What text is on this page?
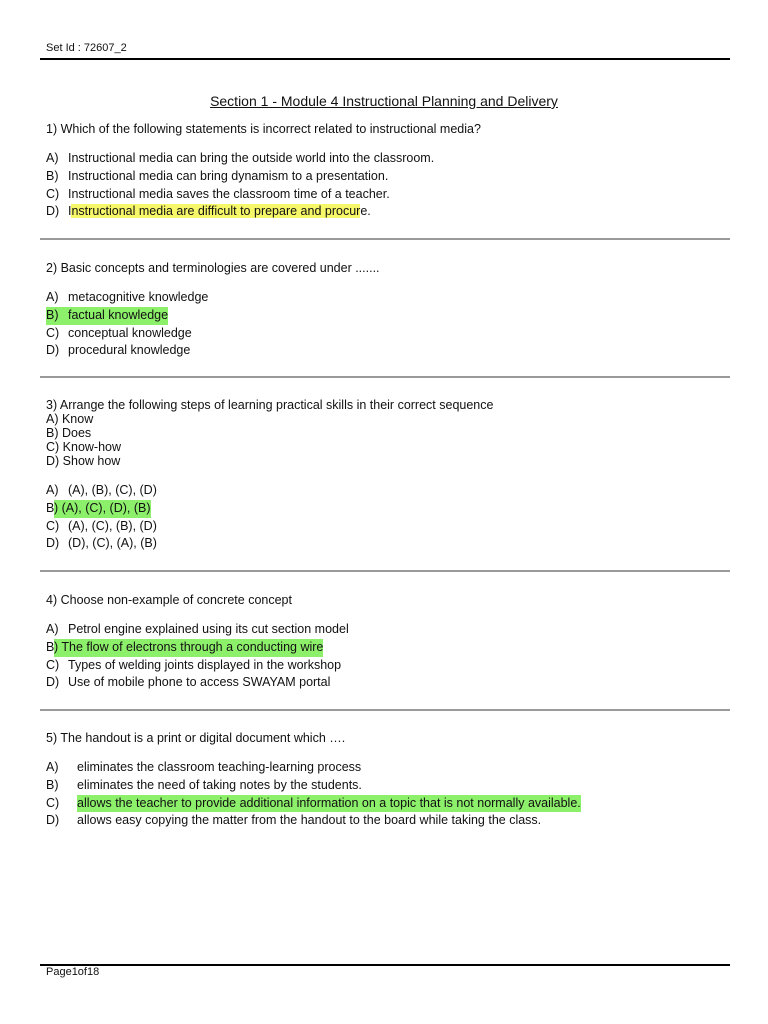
Set Id : 72607_2
Section 1 - Module 4 Instructional Planning and Delivery
1) Which of the following statements is incorrect related to instructional media?
A) Instructional media can bring the outside world into the classroom.
B) Instructional media can bring dynamism to a presentation.
C) Instructional media saves the classroom time of a teacher.
D) Instructional media are difficult to prepare and procure.
2) Basic concepts and terminologies are covered under .......
A) metacognitive knowledge
B) factual knowledge
C) conceptual knowledge
D) procedural knowledge
3) Arrange the following steps of learning practical skills in their correct sequence
A) Know
B) Does
C) Know-how
D) Show how
A) (A), (B), (C), (D)
B ) (A), (C), (D), (B)
C) (A), (C), (B), (D)
D) (D), (C), (A), (B)
4) Choose non-example of concrete concept
A) Petrol engine explained using its cut section model
B ) The flow of electrons through a conducting wire
C) Types of welding joints displayed in the workshop
D) Use of mobile phone to access SWAYAM portal
5) The handout is a print or digital document which ….
A)	eliminates the classroom teaching-learning process
B)	eliminates the need of taking notes by the students.
C)	allows the teacher to provide additional information on a topic that is not normally available.
D)	allows easy copying the matter from the handout to the board while taking the class.
Page1of18
